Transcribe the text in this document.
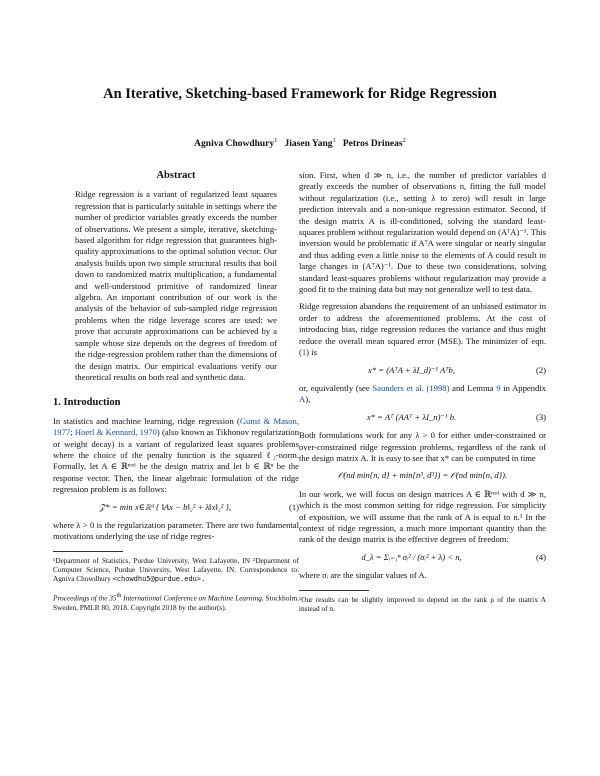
An Iterative, Sketching-based Framework for Ridge Regression
Agniva Chowdhury$^1$ Jiasen Yang$^1$ Petros Drineas$^2$
Abstract
Ridge regression is a variant of regularized least squares regression that is particularly suitable in settings where the number of predictor variables greatly exceeds the number of observations. We present a simple, iterative, sketching-based algorithm for ridge regression that guarantees high-quality approximations to the optimal solution vector. Our analysis builds upon two simple structural results that boil down to randomized matrix multiplication, a fundamental and well-understood primitive of randomized linear algebra. An important contribution of our work is the analysis of the behavior of sub-sampled ridge regression problems when the ridge leverage scores are used: we prove that accurate approximations can be achieved by a sample whose size depends on the degrees of freedom of the ridge-regression problem rather than the dimensions of the design matrix. Our empirical evaluations verify our theoretical results on both real and synthetic data.
1. Introduction

In statistics and machine learning, ridge regression (Gunst & Mason, 1977; Hoerl & Kennard, 1970) (also known as Tikhonov regularization or weight decay) is a variant of regularized least squares problems where the choice of the penalty function is the squared ℓ₂-norm. Formally, let A ∈ ℝⁿˣᵈ be the design matrix and let b ∈ ℝⁿ be the response vector. Then, the linear algebraic formulation of the ridge regression problem is as follows:

𝒵* = min x∈ℝᵈ { ‖Ax − b‖₂² + λ‖x‖₂² },	(1)

where λ > 0 is the regularization parameter. There are two fundamental motivations underlying the use of ridge regres-

¹Department of Statistics, Purdue University, West Lafayette, IN ²Department of Computer Science, Purdue University, West Lafayette, IN. Correspondence to: Agniva Chowdhury <chowdhu5@purdue.edu>.
Proceedings of the 35th International Conference on Machine Learning, Stockholm, Sweden, PMLR 80, 2018. Copyright 2018 by the author(s).

sion. First, when d ≫ n, i.e., the number of predictor variables d greatly exceeds the number of observations n, fitting the full model without regularization (i.e., setting λ to zero) will result in large prediction intervals and a non-unique regression estimator. Second, if the design matrix A is ill-conditioned, solving the standard least-squares problem without regularization would depend on (AᵀA)⁻¹. This inversion would be problematic if AᵀA were singular or nearly singular and thus adding even a little noise to the elements of A could result in large changes in (AᵀA)⁻¹. Due to these two considerations, solving standard least-squares problems without regularization may provide a good fit to the training data but may not generalize well to test data.

Ridge regression abandons the requirement of an unbiased estimator in order to address the aforementioned problems. At the cost of introducing bias, ridge regression reduces the variance and thus might reduce the overall mean squared error (MSE). The minimizer of eqn. (1) is

x* = (AᵀA + λI_d)⁻¹ Aᵀb,	(2)

or, equivalently (see Saunders et al. (1998) and Lemma 9 in Appendix A),

x* = Aᵀ (AAᵀ + λI_n)⁻¹ b.	(3)

Both formulations work for any λ > 0 for either under-constrained or over-constrained ridge regression problems, regardless of the rank of the design matrix A. It is easy to see that x* can be computed in time

𝒪(nd min{n, d} + min{n³, d³}) = 𝒪(nd min{n, d}).

In our work, we will focus on design matrices A ∈ ℝⁿˣᵈ with d ≫ n, which is the most common setting for ridge regression. For simplicity of exposition, we will assume that the rank of A is equal to n.¹ In the context of ridge regression, a much more important quantity than the rank of the design matrix is the effective degrees of freedom:

d_λ = Σᵢ₌₁ⁿ σᵢ² / (σᵢ² + λ) < n,	(4)

where σᵢ are the singular values of A.

¹Our results can be slightly improved to depend on the rank ρ of the matrix A instead of n.
